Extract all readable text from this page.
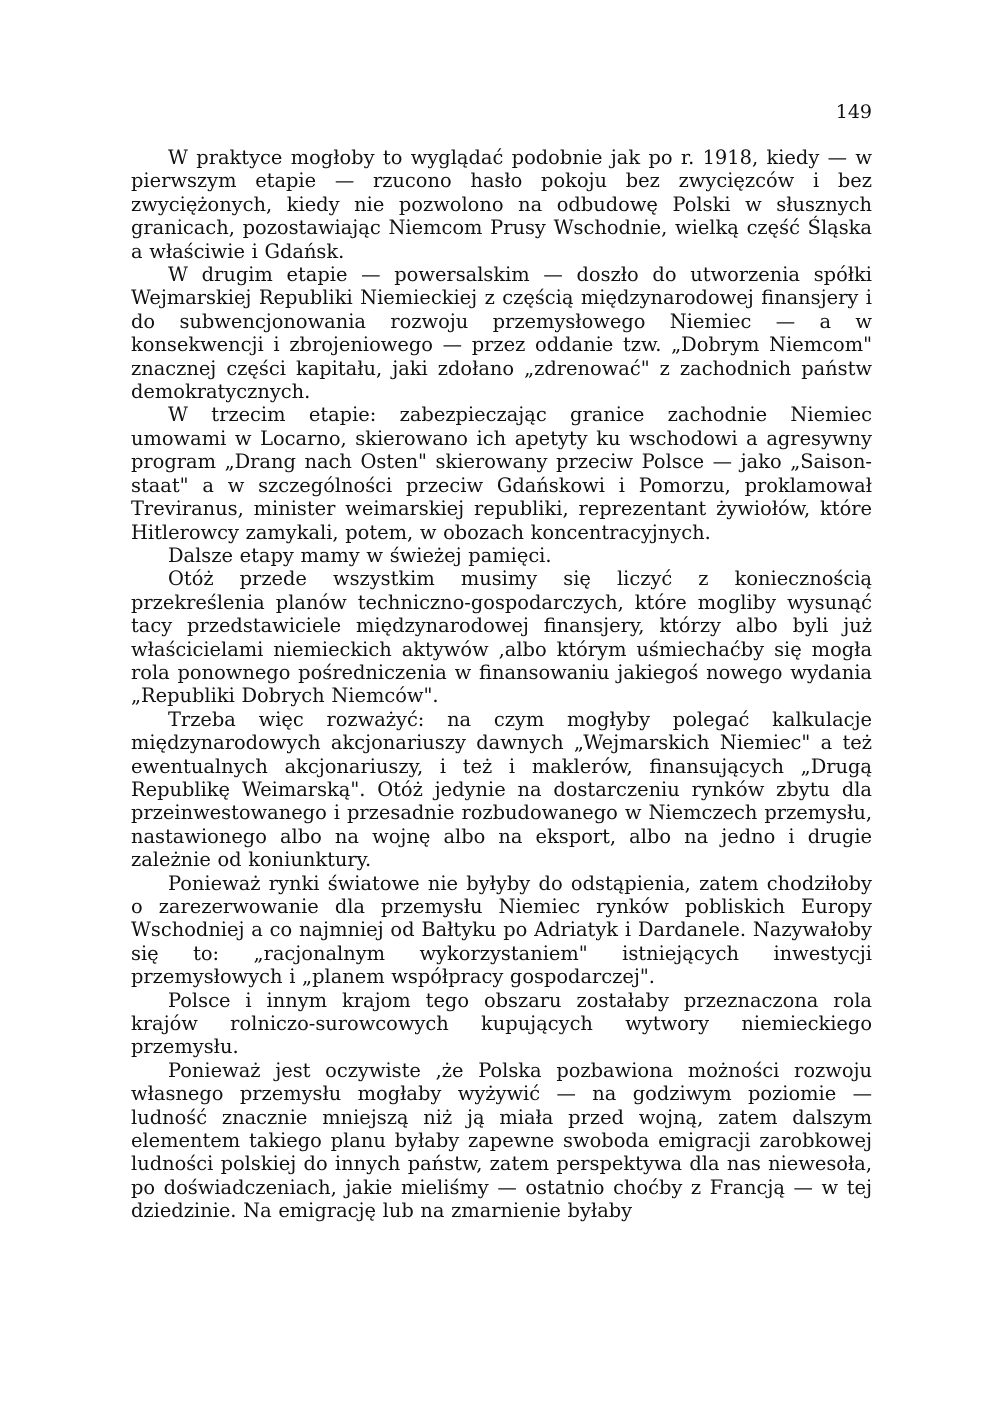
149

W praktyce mogłoby to wyglądać podobnie jak po r. 1918, kiedy — w pierwszym etapie — rzucono hasło pokoju bez zwycięzców i bez zwyciężonych, kiedy nie pozwolono na odbudowę Polski w słusznych granicach, pozostawiając Niemcom Prusy Wschodnie, wielką część Śląska a właściwie i Gdańsk.

W drugim etapie — powersalskim — doszło do utworzenia spółki Wejmarskiej Republiki Niemieckiej z częścią międzynarodowej finansjery i do subwencjonowania rozwoju przemysłowego Niemiec — a w konsekwencji i zbrojeniowego — przez oddanie tzw. „Dobrym Niemcom" znacznej części kapitału, jaki zdołano „zdrenować" z zachodnich państw demokratycznych.

W trzecim etapie: zabezpieczając granice zachodnie Niemiec umowami w Locarno, skierowano ich apetyty ku wschodowi a agresywny program „Drang nach Osten" skierowany przeciw Polsce — jako „Saison-staat" a w szczególności przeciw Gdańskowi i Pomorzu, proklamował Treviranus, minister weimarskiej republiki, reprezentant żywiołów, które Hitlerowcy zamykali, potem, w obozach koncentracyjnych.

Dalsze etapy mamy w świeżej pamięci.

Otóż przede wszystkim musimy się liczyć z koniecznością przekreślenia planów techniczno-gospodarczych, które mogliby wysunąć tacy przedstawiciele międzynarodowej finansjery, którzy albo byli już właścicielami niemieckich aktywów ,albo którym uśmiechaćby się mogła rola ponownego pośredniczenia w finansowaniu jakiegoś nowego wydania „Republiki Dobrych Niemców".

Trzeba więc rozważyć: na czym mogłyby polegać kalkulacje międzynarodowych akcjonariuszy dawnych „Wejmarskich Niemiec" a też ewentualnych akcjonariuszy, i też i maklerów, finansujących „Drugą Republikę Weimarską". Otóż jedynie na dostarczeniu rynków zbytu dla przeinwestowanego i przesadnie rozbudowanego w Niemczech przemysłu, nastawionego albo na wojnę albo na eksport, albo na jedno i drugie zależnie od koniunktury.

Ponieważ rynki światowe nie byłyby do odstąpienia, zatem chodziłoby o zarezerwowanie dla przemysłu Niemiec rynków pobliskich Europy Wschodniej a co najmniej od Bałtyku po Adriatyk i Dardanele. Nazywałoby się to: „racjonalnym wykorzystaniem" istniejących inwestycji przemysłowych i „planem współpracy gospodarczej".

Polsce i innym krajom tego obszaru zostałaby przeznaczona rola krajów rolniczo-surowcowych kupujących wytwory niemieckiego przemysłu.

Ponieważ jest oczywiste ,że Polska pozbawiona możności rozwoju własnego przemysłu mogłaby wyżywić — na godziwym poziomie — ludność znacznie mniejszą niż ją miała przed wojną, zatem dalszym elementem takiego planu byłaby zapewne swoboda emigracji zarobkowej ludności polskiej do innych państw, zatem perspektywa dla nas niewesoła, po doświadczeniach, jakie mieliśmy — ostatnio choćby z Francją — w tej dziedzinie. Na emigrację lub na zmarnienie byłaby
